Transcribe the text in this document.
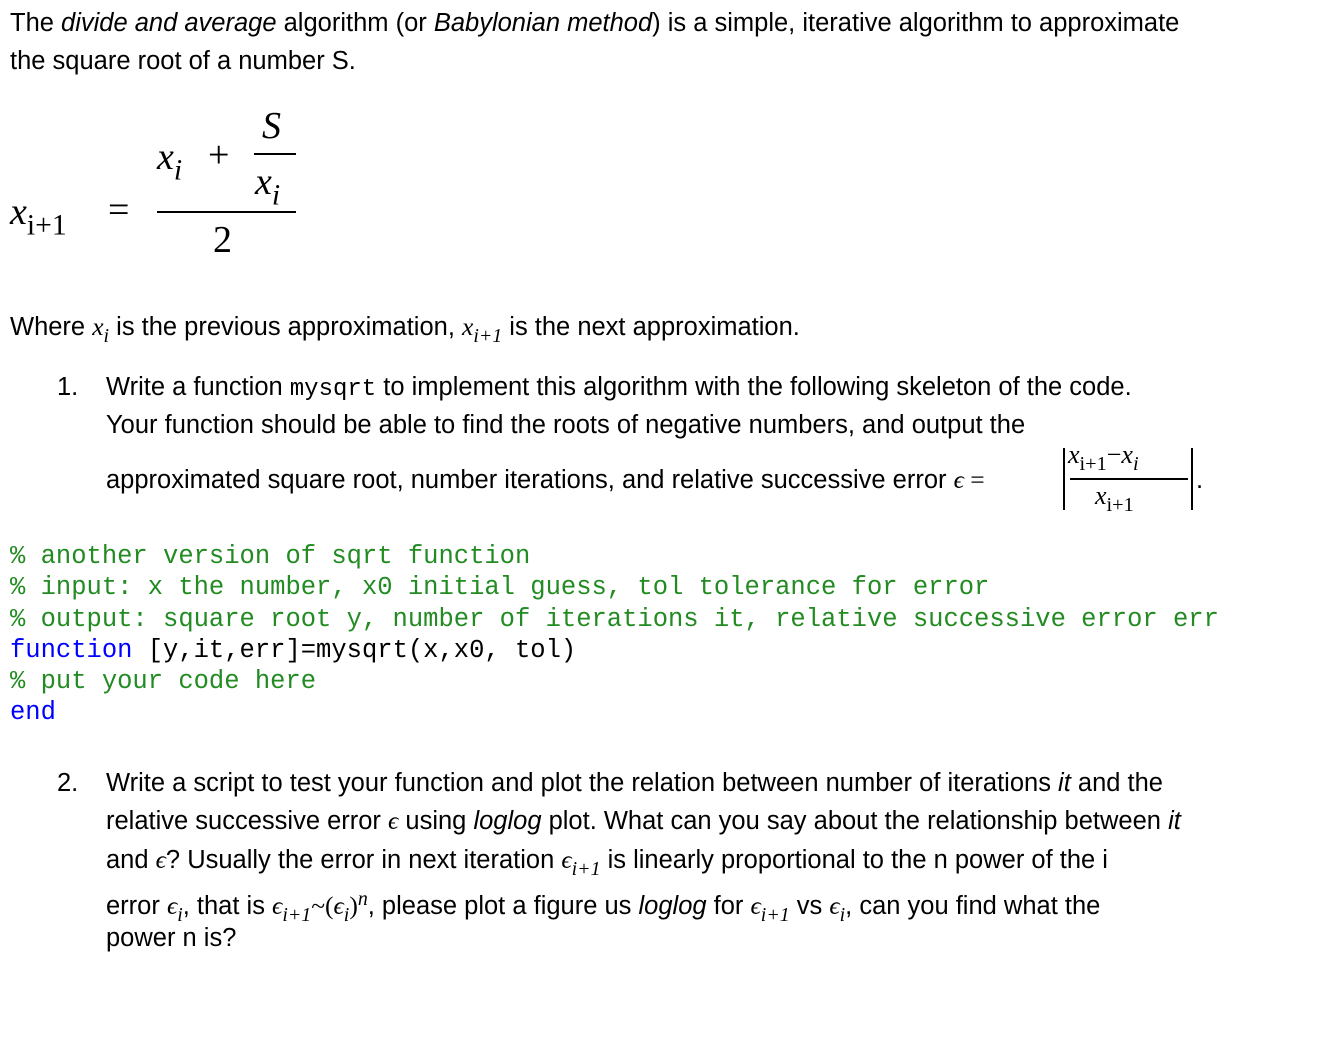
The divide and average algorithm (or Babylonian method) is a simple, iterative algorithm to approximate
the square root of a number S.
$x_{i+1}$ =
$x_i$ +
S
$x_i$
2
Where $x_i$ is the previous approximation, $x_{i+1}$ is the next approximation.
1. Write a function mysqrt to implement this algorithm with the following skeleton of the code.
Your function should be able to find the roots of negative numbers, and output the
approximated square root, number iterations, and relative successive error ϵ =
$x_{i+1}-x_i$
$x_{i+1}$
.
% another version of sqrt function
% input: x the number, x0 initial guess, tol tolerance for error
% output: square root y, number of iterations it, relative successive error err
function [y,it,err]=mysqrt(x,x0, tol)
% put your code here
end
2. Write a script to test your function and plot the relation between number of iterations it and the
relative successive error ϵ using loglog plot. What can you say about the relationship between it
and ϵ? Usually the error in next iteration $\epsilon_{i+1}$ is linearly proportional to the n power of the i
error $\epsilon_i$, that is $\epsilon_{i+1}\sim(\epsilon_i)^n$, please plot a figure us loglog for $\epsilon_{i+1}$ vs $\epsilon_i$, can you find what the
power n is?
